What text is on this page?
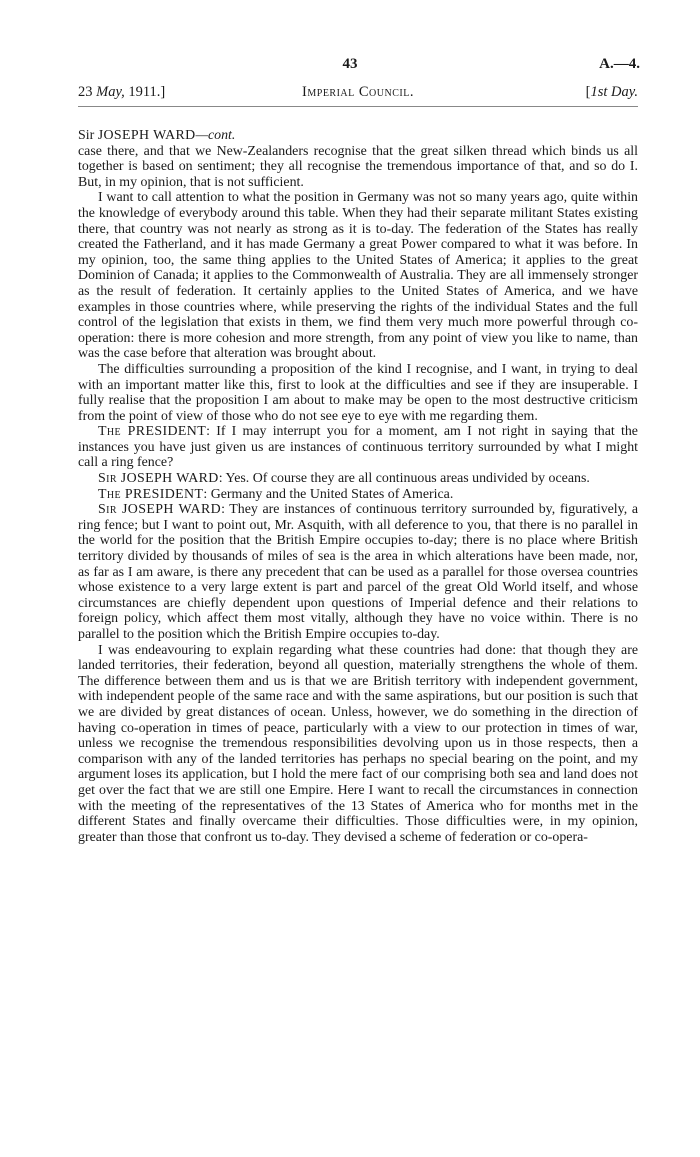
43	A.—4.
23 May, 1911.]	Imperial Council.	[1st Day.

Sir JOSEPH WARD—cont.

case there, and that we New-Zealanders recognise that the great silken thread which binds us all together is based on sentiment; they all recognise the tremendous importance of that, and so do I. But, in my opinion, that is not sufficient.

I want to call attention to what the position in Germany was not so many years ago, quite within the knowledge of everybody around this table. When they had their separate militant States existing there, that country was not nearly as strong as it is to-day. The federation of the States has really created the Fatherland, and it has made Germany a great Power compared to what it was before. In my opinion, too, the same thing applies to the United States of America; it applies to the great Dominion of Canada; it applies to the Commonwealth of Australia. They are all immensely stronger as the result of federation. It certainly applies to the United States of America, and we have examples in those countries where, while preserving the rights of the individual States and the full control of the legislation that exists in them, we find them very much more powerful through co-operation: there is more cohesion and more strength, from any point of view you like to name, than was the case before that alteration was brought about.

The difficulties surrounding a proposition of the kind I recognise, and I want, in trying to deal with an important matter like this, first to look at the difficulties and see if they are insuperable. I fully realise that the proposition I am about to make may be open to the most destructive criticism from the point of view of those who do not see eye to eye with me regarding them.

The PRESIDENT: If I may interrupt you for a moment, am I not right in saying that the instances you have just given us are instances of continuous territory surrounded by what I might call a ring fence?

Sir JOSEPH WARD: Yes. Of course they are all continuous areas undivided by oceans.

The PRESIDENT: Germany and the United States of America.

Sir JOSEPH WARD: They are instances of continuous territory surrounded by, figuratively, a ring fence; but I want to point out, Mr. Asquith, with all deference to you, that there is no parallel in the world for the position that the British Empire occupies to-day; there is no place where British territory divided by thousands of miles of sea is the area in which alterations have been made, nor, as far as I am aware, is there any precedent that can be used as a parallel for those oversea countries whose existence to a very large extent is part and parcel of the great Old World itself, and whose circumstances are chiefly dependent upon questions of Imperial defence and their relations to foreign policy, which affect them most vitally, although they have no voice within. There is no parallel to the position which the British Empire occupies to-day.

I was endeavouring to explain regarding what these countries had done: that though they are landed territories, their federation, beyond all question, materially strengthens the whole of them. The difference between them and us is that we are British territory with independent government, with independent people of the same race and with the same aspirations, but our position is such that we are divided by great distances of ocean. Unless, however, we do something in the direction of having co-operation in times of peace, particularly with a view to our protection in times of war, unless we recognise the tremendous responsibilities devolving upon us in those respects, then a comparison with any of the landed territories has perhaps no special bearing on the point, and my argument loses its application, but I hold the mere fact of our comprising both sea and land does not get over the fact that we are still one Empire. Here I want to recall the circumstances in connection with the meeting of the representatives of the 13 States of America who for months met in the different States and finally overcame their difficulties. Those difficulties were, in my opinion, greater than those that confront us to-day. They devised a scheme of federation or co-opera-
